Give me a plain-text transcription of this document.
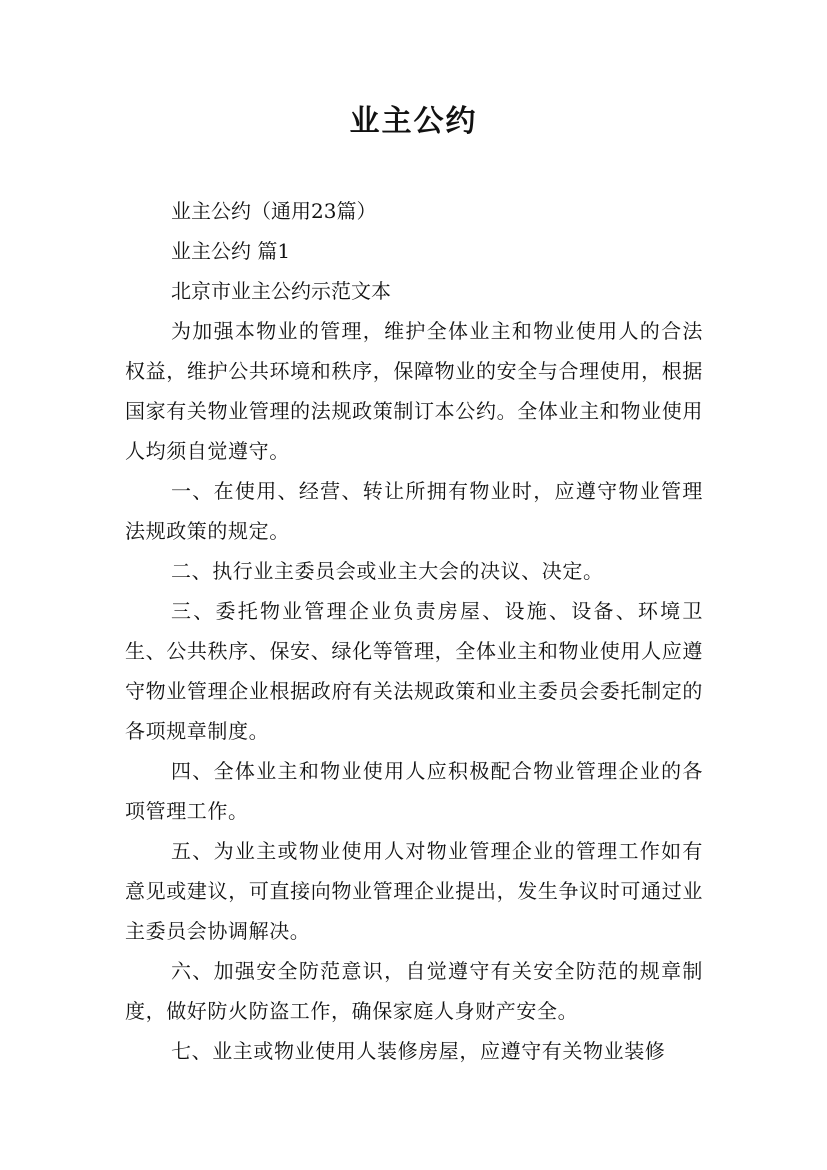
业主公约

业主公约（通用23篇）

业主公约 篇1

北京市业主公约示范文本

为加强本物业的管理，维护全体业主和物业使用人的合法权益，维护公共环境和秩序，保障物业的安全与合理使用，根据国家有关物业管理的法规政策制订本公约。全体业主和物业使用人均须自觉遵守。

一、在使用、经营、转让所拥有物业时，应遵守物业管理法规政策的规定。

二、执行业主委员会或业主大会的决议、决定。

三、委托物业管理企业负责房屋、设施、设备、环境卫生、公共秩序、保安、绿化等管理，全体业主和物业使用人应遵守物业管理企业根据政府有关法规政策和业主委员会委托制定的各项规章制度。

四、全体业主和物业使用人应积极配合物业管理企业的各项管理工作。

五、为业主或物业使用人对物业管理企业的管理工作如有意见或建议，可直接向物业管理企业提出，发生争议时可通过业主委员会协调解决。

六、加强安全防范意识，自觉遵守有关安全防范的规章制度，做好防火防盗工作，确保家庭人身财产安全。

七、业主或物业使用人装修房屋，应遵守有关物业装修
